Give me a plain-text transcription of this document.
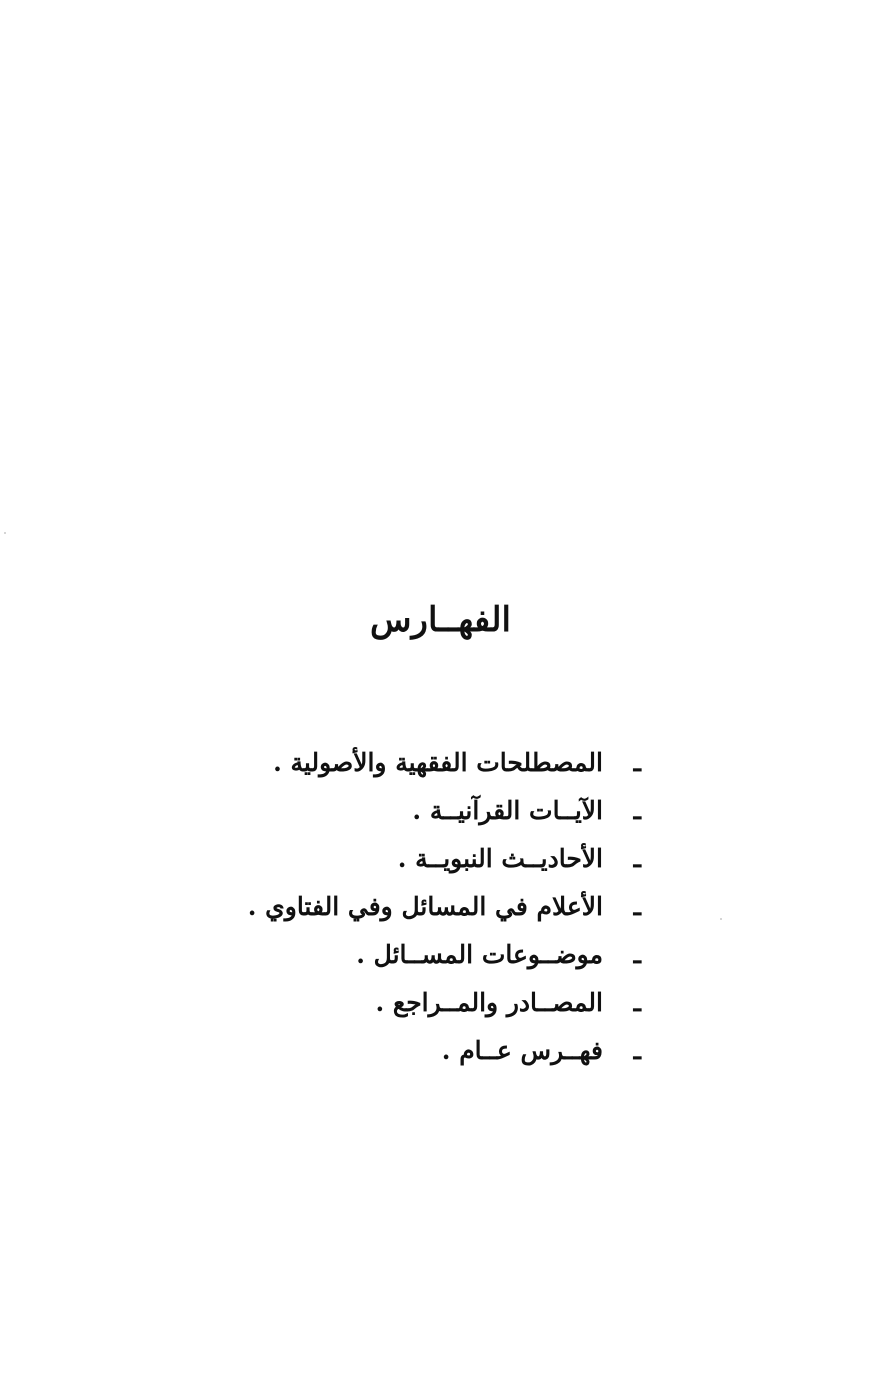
الفهــارس
ـ
المصطلحات الفقهية والأصولية .
ـ
الآيــات القرآنيــة .
ـ
الأحاديــث النبويــة .
ـ
الأعلام في المسائل وفي الفتاوي .
ـ
موضــوعات المســائل .
ـ
المصــادر والمــراجع .
ـ
فهــرس عــام .
